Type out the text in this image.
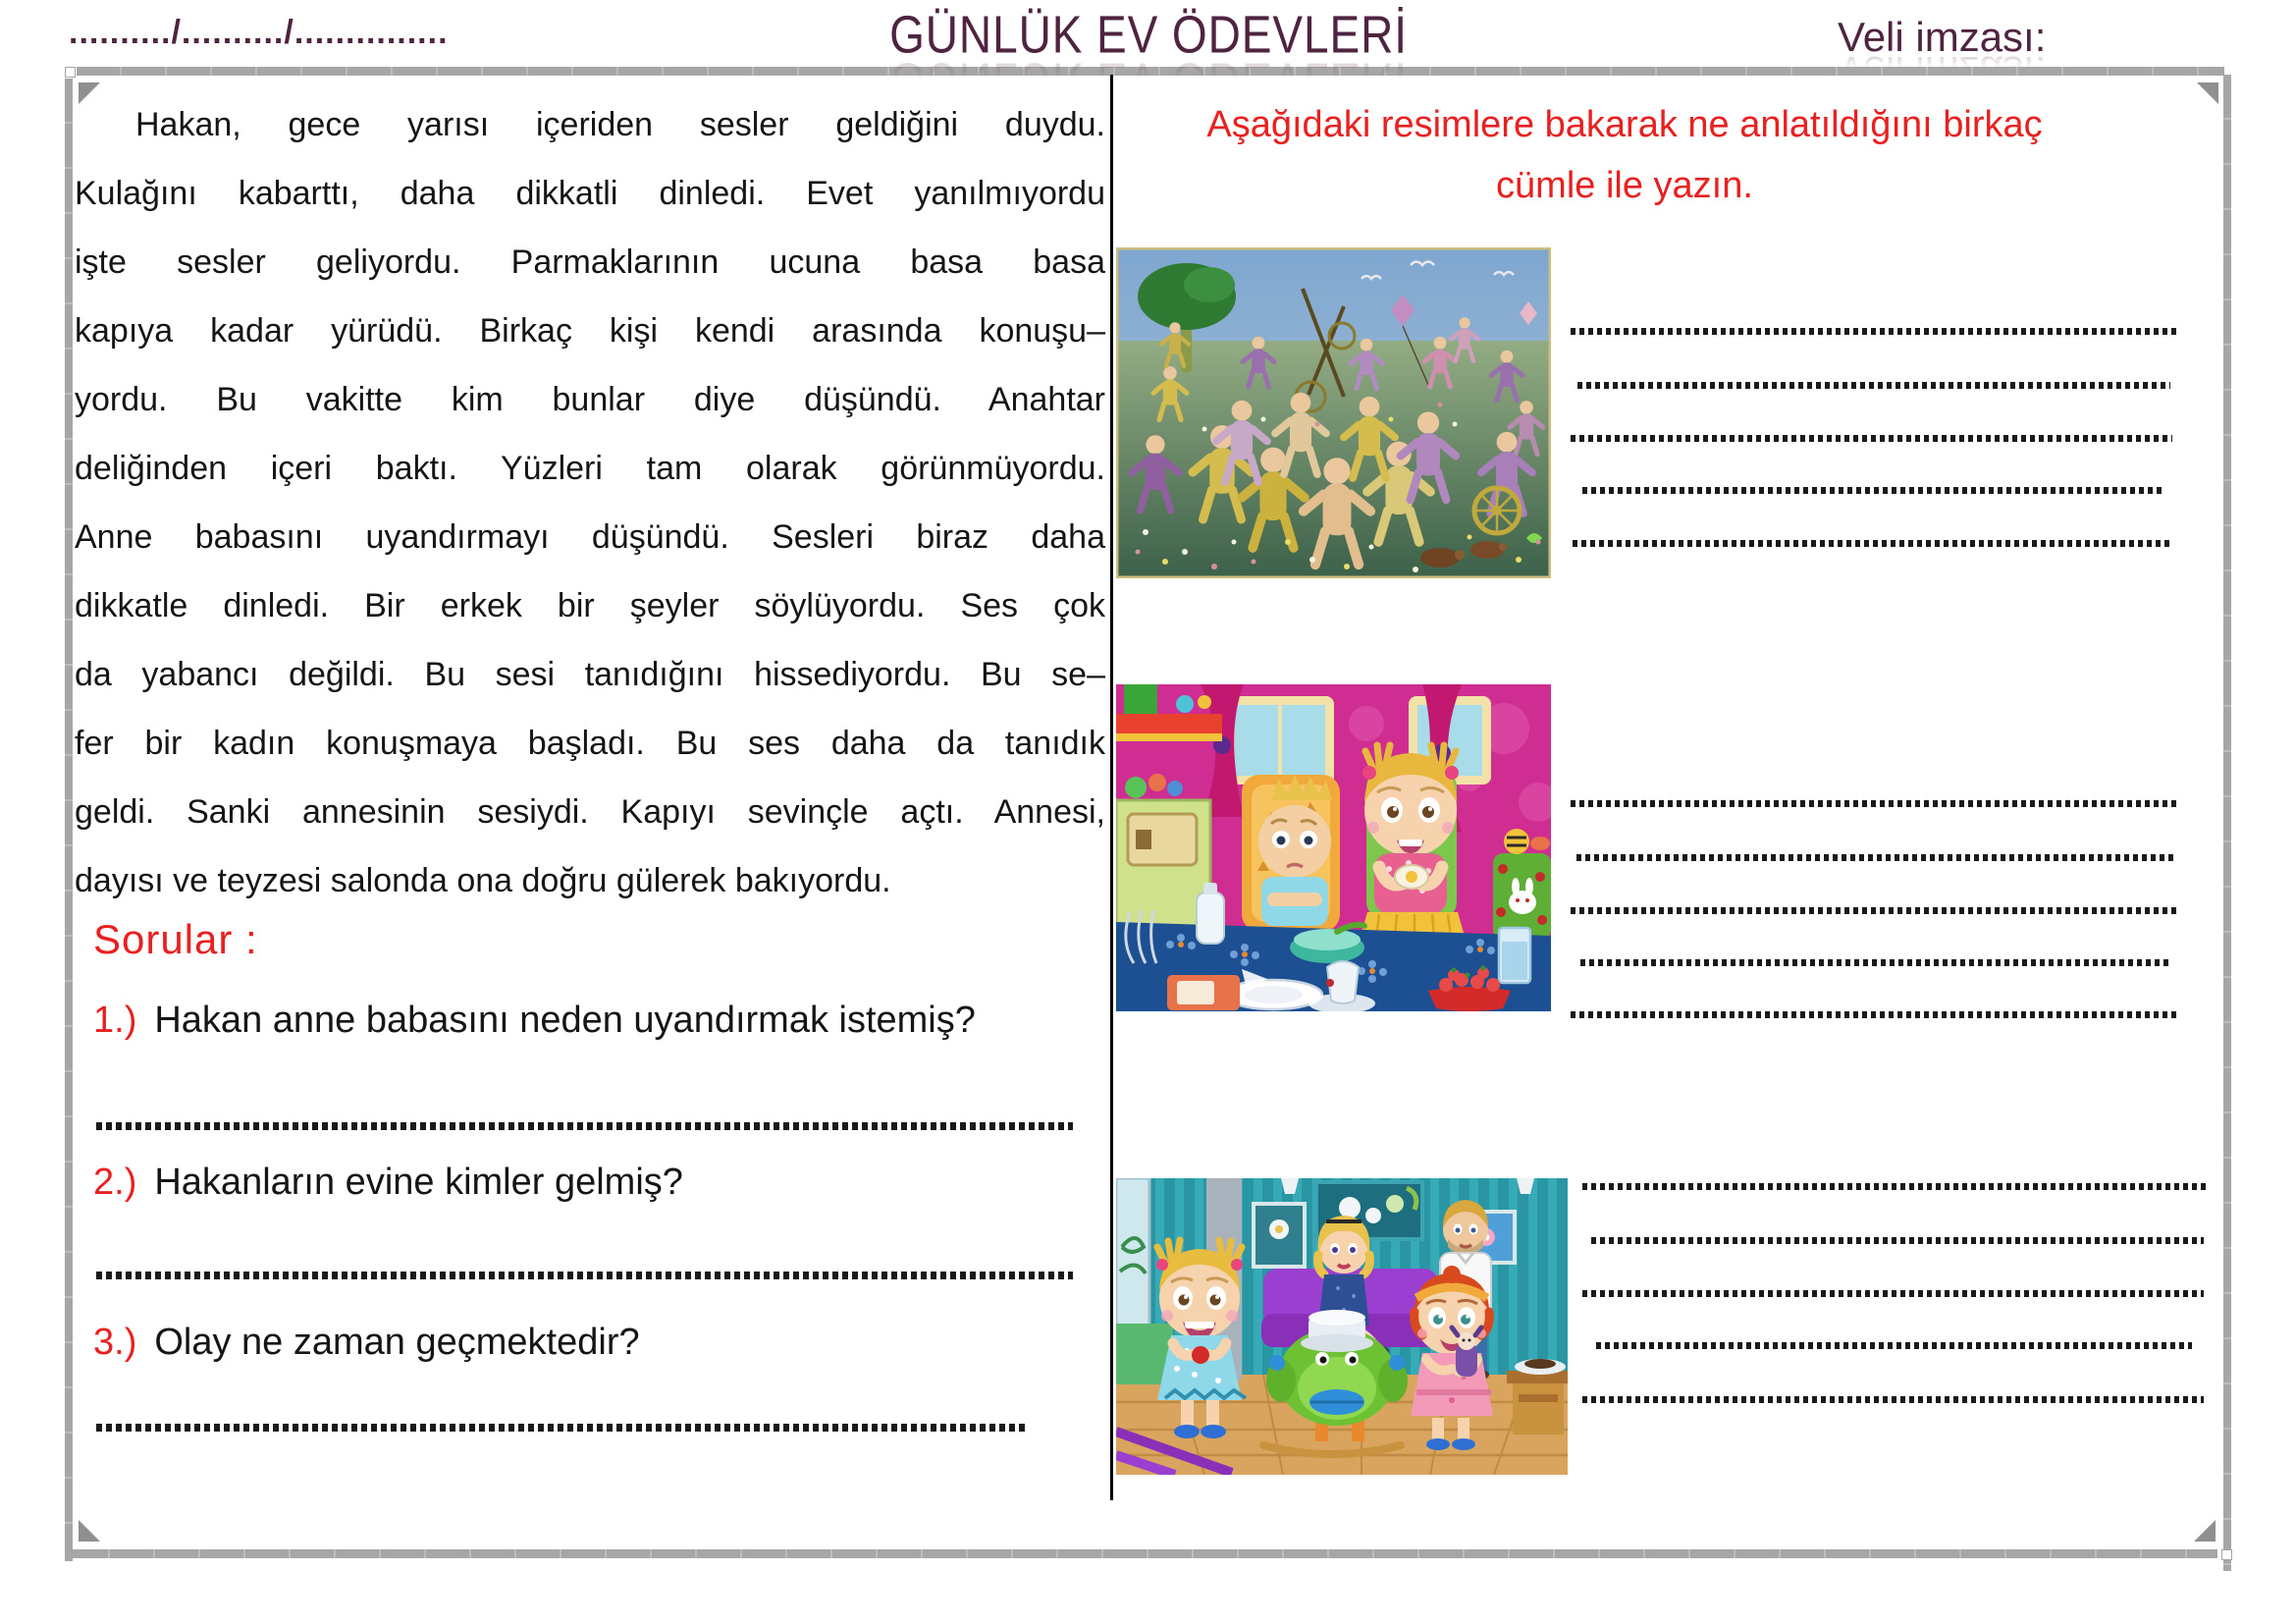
........../........../...............	GÜNLÜK EV ÖDEVLERİ	Veli imzası:
Hakan, gece yarısı içeriden sesler geldiğini duydu.
Kulağını kabarttı, daha dikkatli dinledi. Evet yanılmıyordu
işte sesler geliyordu. Parmaklarının ucuna basa basa
kapıya kadar yürüdü. Birkaç kişi kendi arasında konuşu–
yordu. Bu vakitte kim bunlar diye düşündü. Anahtar
deliğinden içeri baktı. Yüzleri tam olarak görünmüyordu.
Anne babasını uyandırmayı düşündü. Sesleri biraz daha
dikkatle dinledi. Bir erkek bir şeyler söylüyordu. Ses çok
da yabancı değildi. Bu sesi tanıdığını hissediyordu. Bu se–
fer bir kadın konuşmaya başladı. Bu ses daha da tanıdık
geldi. Sanki annesinin sesiydi. Kapıyı sevinçle açtı. Annesi,
dayısı ve teyzesi salonda ona doğru gülerek bakıyordu.
Sorular :
1.) Hakan anne babasını neden uyandırmak istemiş?
2.) Hakanların evine kimler gelmiş?
3.) Olay ne zaman geçmektedir?
Aşağıdaki resimlere bakarak ne anlatıldığını birkaç
cümle ile yazın.
